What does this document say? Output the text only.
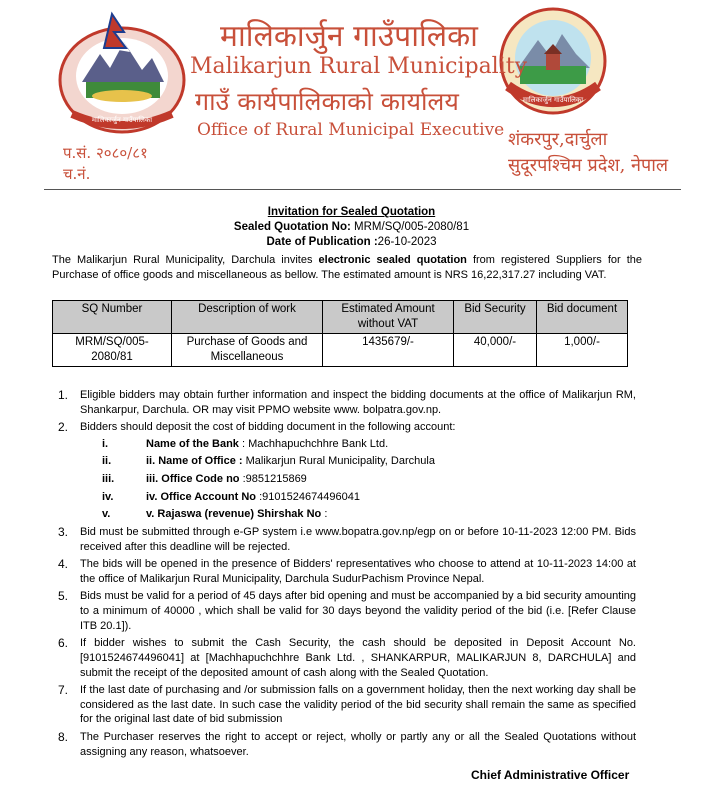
मालिकार्जुन गाउँपालिका
मालिकार्जुन गाउँपालिका
मालिकार्जुन गाउँपालिका
Malikarjun Rural Municipality
गाउँ कार्यपालिकाको कार्यालय
Office of Rural Municipal Executive
प.सं. २०८०/८१
च.नं.
शंकरपुर,दार्चुला
सुदूरपश्चिम प्रदेश, नेपाल
Invitation for Sealed Quotation
Sealed Quotation No: MRM/SQ/005-2080/81
Date of Publication :26-10-2023
The Malikarjun Rural Municipality, Darchula invites electronic sealed quotation from registered Suppliers for the Purchase of office goods and miscellaneous as bellow. The estimated amount is NRS 16,22,317.27 including VAT.
SQ Number	Description of work	Estimated Amount without VAT	Bid Security	Bid document
MRM/SQ/005-2080/81	Purchase of Goods and Miscellaneous	1435679/-	40,000/-	1,000/-
1. Eligible bidders may obtain further information and inspect the bidding documents at the office of Malikarjun RM, Shankarpur, Darchula. OR may visit PPMO website www. bolpatra.gov.np.
2. Bidders should deposit the cost of bidding document in the following account:
i.	Name of the Bank : Machhapuchchhre Bank Ltd.
ii.	ii. Name of Office : Malikarjun Rural Municipality, Darchula
iii.	iii. Office Code no :9851215869
iv.	iv. Office Account No :9101524674496041
v.	v. Rajaswa (revenue) Shirshak No :
3. Bid must be submitted through e-GP system i.e www.bopatra.gov.np/egp on or before 10-11-2023 12:00 PM. Bids received after this deadline will be rejected.
4. The bids will be opened in the presence of Bidders' representatives who choose to attend at 10-11-2023 14:00 at the office of Malikarjun Rural Municipality, Darchula SudurPachism Province Nepal.
5. Bids must be valid for a period of 45 days after bid opening and must be accompanied by a bid security amounting to a minimum of 40000 , which shall be valid for 30 days beyond the validity period of the bid (i.e. [Refer Clause ITB 20.1]).
6. If bidder wishes to submit the Cash Security, the cash should be deposited in Deposit Account No.[9101524674496041] at [Machhapuchchhre Bank Ltd. , SHANKARPUR, MALIKARJUN 8, DARCHULA] and submit the receipt of the deposited amount of cash along with the Sealed Quotation.
7. If the last date of purchasing and /or submission falls on a government holiday, then the next working day shall be considered as the last date. In such case the validity period of the bid security shall remain the same as specified for the original last date of bid submission
8. The Purchaser reserves the right to accept or reject, wholly or partly any or all the Sealed Quotations without assigning any reason, whatsoever.
Chief Administrative Officer
